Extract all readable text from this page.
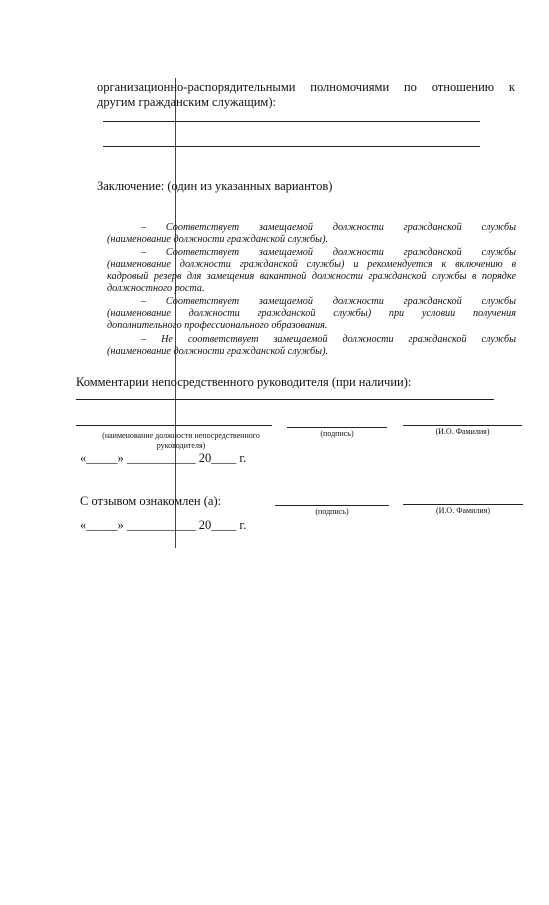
организационно-распорядительными полномочиями по отношению к
другим гражданским служащим):
Заключение: (один из указанных вариантов)
– Соответствует замещаемой должности гражданской службы
(наименование должности гражданской службы).
– Соответствует замещаемой должности гражданской службы
(наименование должности гражданской службы) и рекомендуется к включению в
кадровый резерв для замещения вакантной должности гражданской службы в порядке
должностного роста.
– Соответствует замещаемой должности гражданской службы
(наименование должности гражданской службы) при условии получения
дополнительного профессионального образования.
– Не соответствует замещаемой должности гражданской службы
(наименование должности гражданской службы).
Комментарии непосредственного руководителя (при наличии):
(наименование должности непосредственного
руководителя)
(подпись)	(И.О. Фамилия)
«_____» ___________ 20____ г.
С отзывом ознакомлен (а):
(подпись)	(И.О. Фамилия)
«_____» ___________ 20____ г.
